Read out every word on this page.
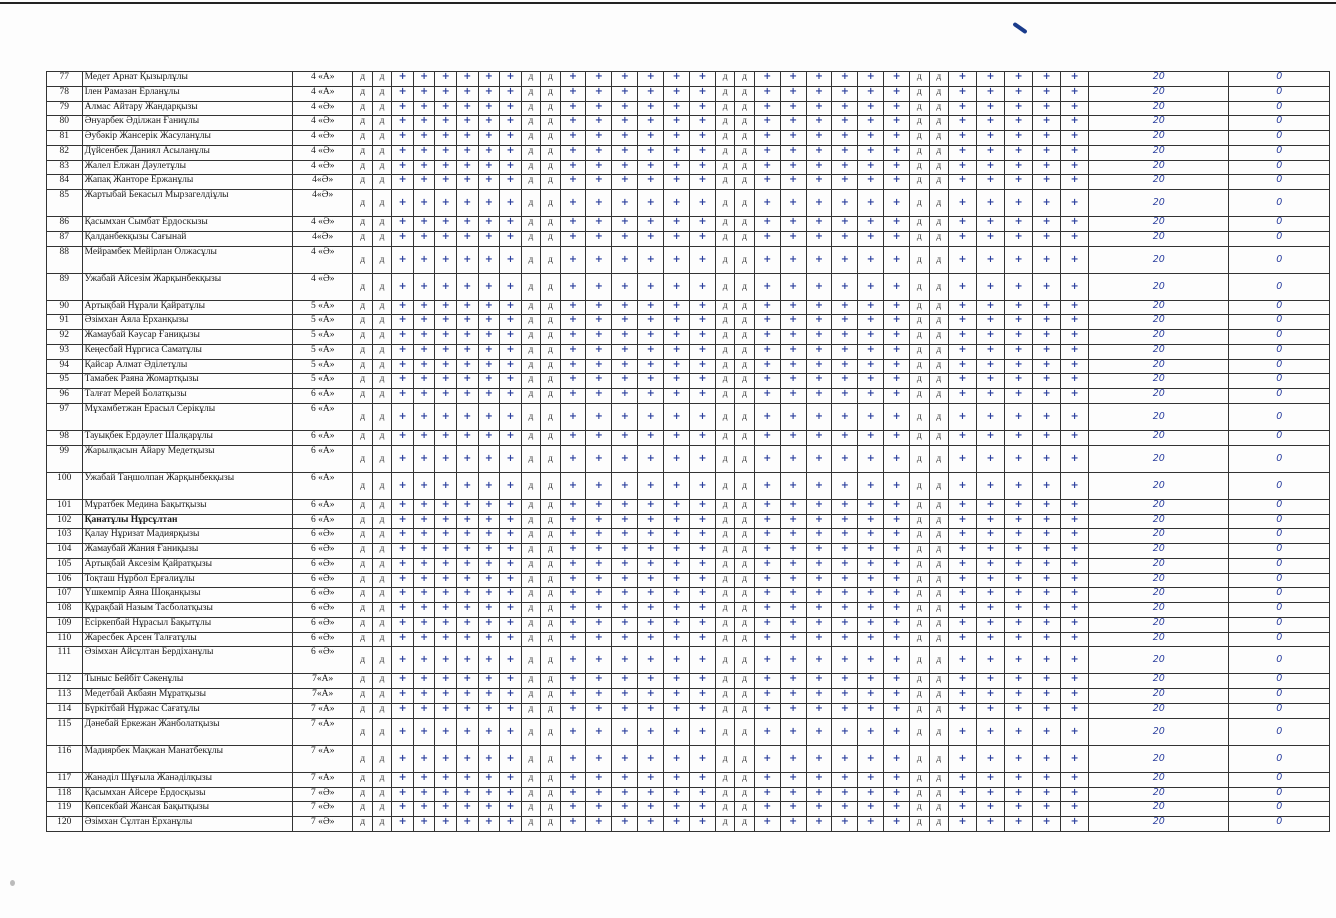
77	Медет Арнат Қызырлұлы	4 «А»	д	д	+	+	+	+	+	+	д	д	+	+	+	+	+	+	д	д	+	+	+	+	+	+	д	д	+	+	+	+	+	20	0
78	Ілен Рамазан Ерланұлы	4 «А»	д	д	+	+	+	+	+	+	д	д	+	+	+	+	+	+	д	д	+	+	+	+	+	+	д	д	+	+	+	+	+	20	0
79	Алмас Айтару Жандарқызы	4 «Ә»	д	д	+	+	+	+	+	+	д	д	+	+	+	+	+	+	д	д	+	+	+	+	+	+	д	д	+	+	+	+	+	20	0
80	Әнуарбек Әділжан Ғаниұлы	4 «Ә»	д	д	+	+	+	+	+	+	д	д	+	+	+	+	+	+	д	д	+	+	+	+	+	+	д	д	+	+	+	+	+	20	0
81	Әубәкір Жансерік Жасуланұлы	4 «Ә»	д	д	+	+	+	+	+	+	д	д	+	+	+	+	+	+	д	д	+	+	+	+	+	+	д	д	+	+	+	+	+	20	0
82	Дүйсенбек Даниял Асыланұлы	4 «Ә»	д	д	+	+	+	+	+	+	д	д	+	+	+	+	+	+	д	д	+	+	+	+	+	+	д	д	+	+	+	+	+	20	0
83	Жалел Елжан Дәулетұлы	4 «Ә»	д	д	+	+	+	+	+	+	д	д	+	+	+	+	+	+	д	д	+	+	+	+	+	+	д	д	+	+	+	+	+	20	0
84	Жапақ Жанторе Ержанұлы	4«Ә»	д	д	+	+	+	+	+	+	д	д	+	+	+	+	+	+	д	д	+	+	+	+	+	+	д	д	+	+	+	+	+	20	0
85	Жартыбай Бекасыл Мырзагелдіұлы	4«Ә»	д	д	+	+	+	+	+	+	д	д	+	+	+	+	+	+	д	д	+	+	+	+	+	+	д	д	+	+	+	+	+	20	0
86	Қасымхан Сымбат Ердоскызы	4 «Ә»	д	д	+	+	+	+	+	+	д	д	+	+	+	+	+	+	д	д	+	+	+	+	+	+	д	д	+	+	+	+	+	20	0
87	Қалданбекқызы Сағынай	4«Ә»	д	д	+	+	+	+	+	+	д	д	+	+	+	+	+	+	д	д	+	+	+	+	+	+	д	д	+	+	+	+	+	20	0
88	Мейрамбек Мейірлан Олжасұлы	4 «Ә»	д	д	+	+	+	+	+	+	д	д	+	+	+	+	+	+	д	д	+	+	+	+	+	+	д	д	+	+	+	+	+	20	0
89	Ужабай Айсезім Жарқынбекқызы	4 «Ә»	д	д	+	+	+	+	+	+	д	д	+	+	+	+	+	+	д	д	+	+	+	+	+	+	д	д	+	+	+	+	+	20	0
90	Артықбай Нұрали Қайратұлы	5 «А»	д	д	+	+	+	+	+	+	д	д	+	+	+	+	+	+	д	д	+	+	+	+	+	+	д	д	+	+	+	+	+	20	0
91	Әзімхан Аяла Ерханқызы	5 «А»	д	д	+	+	+	+	+	+	д	д	+	+	+	+	+	+	д	д	+	+	+	+	+	+	д	д	+	+	+	+	+	20	0
92	Жамаубай Кәусар Ғаниқызы	5 «А»	д	д	+	+	+	+	+	+	д	д	+	+	+	+	+	+	д	д	+	+	+	+	+	+	д	д	+	+	+	+	+	20	0
93	Кеңесбай Нұргиса Саматұлы	5 «А»	д	д	+	+	+	+	+	+	д	д	+	+	+	+	+	+	д	д	+	+	+	+	+	+	д	д	+	+	+	+	+	20	0
94	Қайсар Алмат Әділетұлы	5 «А»	д	д	+	+	+	+	+	+	д	д	+	+	+	+	+	+	д	д	+	+	+	+	+	+	д	д	+	+	+	+	+	20	0
95	Тамабек Раяна Жомартқызы	5 «А»	д	д	+	+	+	+	+	+	д	д	+	+	+	+	+	+	д	д	+	+	+	+	+	+	д	д	+	+	+	+	+	20	0
96	Талғат Мерей Болатқызы	6 «А»	д	д	+	+	+	+	+	+	д	д	+	+	+	+	+	+	д	д	+	+	+	+	+	+	д	д	+	+	+	+	+	20	0
97	Мұхамбетжан Ерасыл Серікұлы	6 «А»	д	д	+	+	+	+	+	+	д	д	+	+	+	+	+	+	д	д	+	+	+	+	+	+	д	д	+	+	+	+	+	20	0
98	Тауықбек Ердәулет Шалқарұлы	6 «А»	д	д	+	+	+	+	+	+	д	д	+	+	+	+	+	+	д	д	+	+	+	+	+	+	д	д	+	+	+	+	+	20	0
99	Жарылқасын Айару Медетқызы	6 «А»	д	д	+	+	+	+	+	+	д	д	+	+	+	+	+	+	д	д	+	+	+	+	+	+	д	д	+	+	+	+	+	20	0
100	Ужабай Таңшолпан Жарқынбекқызы	6 «А»	д	д	+	+	+	+	+	+	д	д	+	+	+	+	+	+	д	д	+	+	+	+	+	+	д	д	+	+	+	+	+	20	0
101	Мұратбек Медина Бақытқызы	6 «А»	д	д	+	+	+	+	+	+	д	д	+	+	+	+	+	+	д	д	+	+	+	+	+	+	д	д	+	+	+	+	+	20	0
102	Қанатұлы Нұрсұлтан	6 «А»	д	д	+	+	+	+	+	+	д	д	+	+	+	+	+	+	д	д	+	+	+	+	+	+	д	д	+	+	+	+	+	20	0
103	Қалау Нұризат Мадиярқызы	6 «Ә»	д	д	+	+	+	+	+	+	д	д	+	+	+	+	+	+	д	д	+	+	+	+	+	+	д	д	+	+	+	+	+	20	0
104	Жамаубай Жания Ғаниқызы	6 «Ә»	д	д	+	+	+	+	+	+	д	д	+	+	+	+	+	+	д	д	+	+	+	+	+	+	д	д	+	+	+	+	+	20	0
105	Артықбай Аксезім Қайратқызы	6 «Ә»	д	д	+	+	+	+	+	+	д	д	+	+	+	+	+	+	д	д	+	+	+	+	+	+	д	д	+	+	+	+	+	20	0
106	Тоқташ Нұрбол Ерғалиұлы	6 «Ә»	д	д	+	+	+	+	+	+	д	д	+	+	+	+	+	+	д	д	+	+	+	+	+	+	д	д	+	+	+	+	+	20	0
107	Үшкемпір Аяна Шоқанқызы	6 «Ә»	д	д	+	+	+	+	+	+	д	д	+	+	+	+	+	+	д	д	+	+	+	+	+	+	д	д	+	+	+	+	+	20	0
108	Құрақбай Назым Тасболатқызы	6 «Ә»	д	д	+	+	+	+	+	+	д	д	+	+	+	+	+	+	д	д	+	+	+	+	+	+	д	д	+	+	+	+	+	20	0
109	Есіркепбай Нұрасыл Бақытұлы	6 «Ә»	д	д	+	+	+	+	+	+	д	д	+	+	+	+	+	+	д	д	+	+	+	+	+	+	д	д	+	+	+	+	+	20	0
110	Жаресбек Арсен Талғатұлы	6 «Ә»	д	д	+	+	+	+	+	+	д	д	+	+	+	+	+	+	д	д	+	+	+	+	+	+	д	д	+	+	+	+	+	20	0
111	Әзімхан Айсұлтан Бердіханұлы	6 «Ә»	д	д	+	+	+	+	+	+	д	д	+	+	+	+	+	+	д	д	+	+	+	+	+	+	д	д	+	+	+	+	+	20	0
112	Тыныс Бейбіт Сәкенұлы	7«А»	д	д	+	+	+	+	+	+	д	д	+	+	+	+	+	+	д	д	+	+	+	+	+	+	д	д	+	+	+	+	+	20	0
113	Медетбай Акбаян Мұратқызы	7«А»	д	д	+	+	+	+	+	+	д	д	+	+	+	+	+	+	д	д	+	+	+	+	+	+	д	д	+	+	+	+	+	20	0
114	Бүркітбай Нұржас Сағатұлы	7 «А»	д	д	+	+	+	+	+	+	д	д	+	+	+	+	+	+	д	д	+	+	+	+	+	+	д	д	+	+	+	+	+	20	0
115	Дәнебай Еркежан Жанболатқызы	7 «А»	д	д	+	+	+	+	+	+	д	д	+	+	+	+	+	+	д	д	+	+	+	+	+	+	д	д	+	+	+	+	+	20	0
116	Мадиярбек Мақжан Манатбекұлы	7 «А»	д	д	+	+	+	+	+	+	д	д	+	+	+	+	+	+	д	д	+	+	+	+	+	+	д	д	+	+	+	+	+	20	0
117	Жанәділ Шұғыла Жанәділқызы	7 «А»	д	д	+	+	+	+	+	+	д	д	+	+	+	+	+	+	д	д	+	+	+	+	+	+	д	д	+	+	+	+	+	20	0
118	Қасымхан Айсере Ердосқызы	7 «Ә»	д	д	+	+	+	+	+	+	д	д	+	+	+	+	+	+	д	д	+	+	+	+	+	+	д	д	+	+	+	+	+	20	0
119	Көпсекбай Жансая Бақытқызы	7 «Ә»	д	д	+	+	+	+	+	+	д	д	+	+	+	+	+	+	д	д	+	+	+	+	+	+	д	д	+	+	+	+	+	20	0
120	Әзімхан Сұлтан Ерханұлы	7 «Ә»	д	д	+	+	+	+	+	+	д	д	+	+	+	+	+	+	д	д	+	+	+	+	+	+	д	д	+	+	+	+	+	20	0
